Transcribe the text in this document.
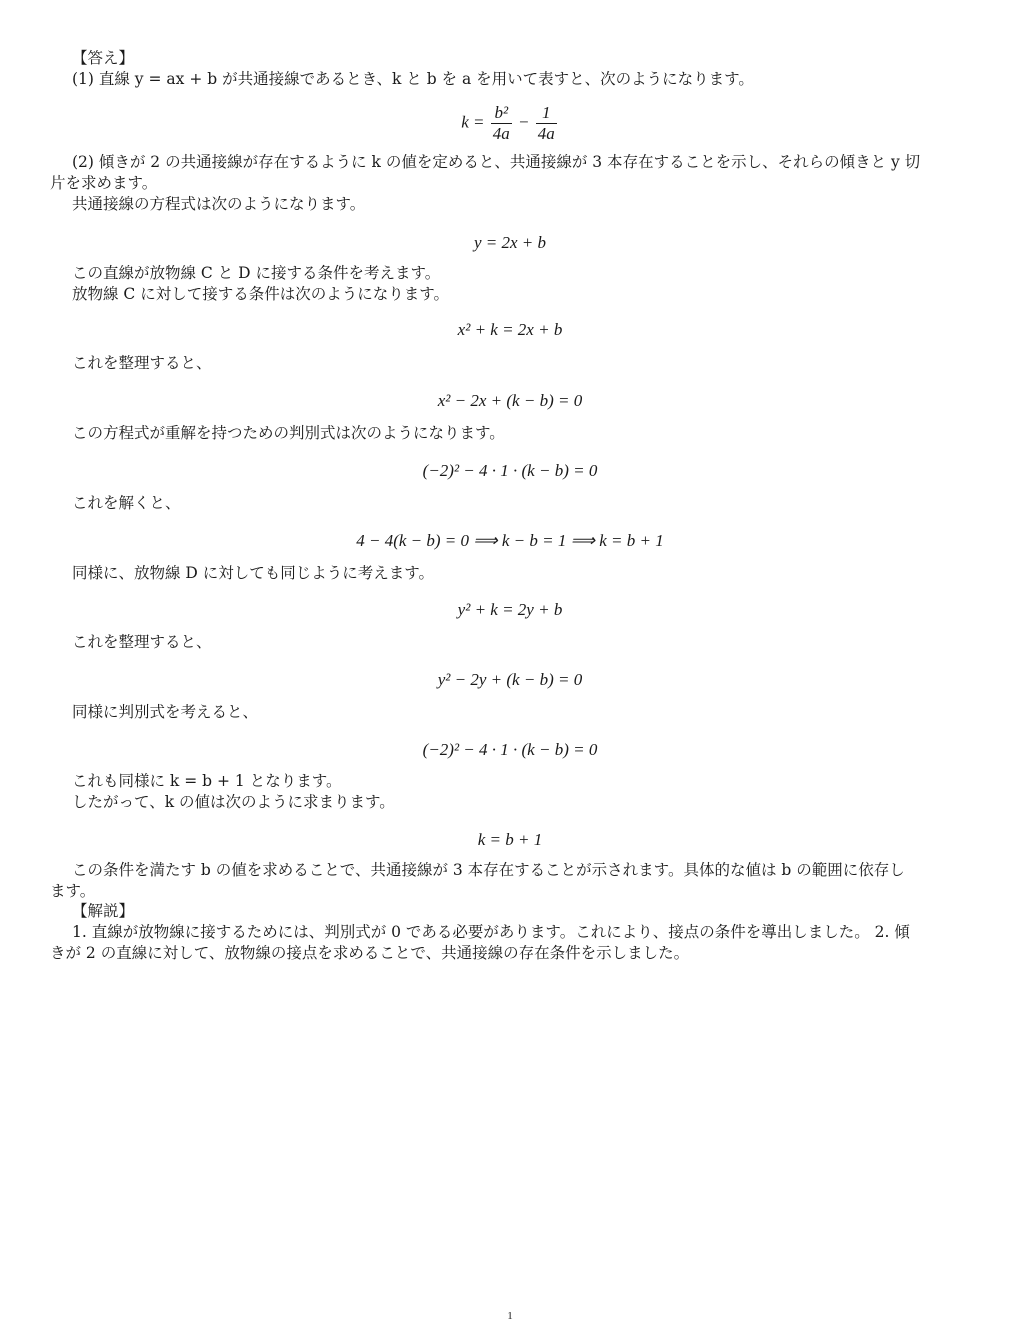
【答え】
(1) 直線 y = ax + b が共通接線であるとき、k と b を a を用いて表すと、次のようになります。
$k = \frac{\text{b²}}{4a} - \frac{1}{4a}$
(2) 傾きが 2 の共通接線が存在するように k の値を定めると、共通接線が 3 本存在することを示し、それらの傾きと y 切
片を求めます。
共通接線の方程式は次のようになります。
y = 2x + b
この直線が放物線 C と D に接する条件を考えます。
放物線 C に対して接する条件は次のようになります。
x² + k = 2x + b
これを整理すると、
x² − 2x + (k − b) = 0
この方程式が重解を持つための判別式は次のようになります。
(−2)² − 4 · 1 · (k − b) = 0
これを解くと、
4 − 4(k − b) = 0 ⟹ k − b = 1 ⟹ k = b + 1
同様に、放物線 D に対しても同じように考えます。
y² + k = 2y + b
これを整理すると、
y² − 2y + (k − b) = 0
同様に判別式を考えると、
(−2)² − 4 · 1 · (k − b) = 0
これも同様に k = b + 1 となります。
したがって、k の値は次のように求まります。
k = b + 1
この条件を満たす b の値を求めることで、共通接線が 3 本存在することが示されます。具体的な値は b の範囲に依存し
ます。
【解説】
1. 直線が放物線に接するためには、判別式が 0 である必要があります。これにより、接点の条件を導出しました。 2. 傾
きが 2 の直線に対して、放物線の接点を求めることで、共通接線の存在条件を示しました。
1
